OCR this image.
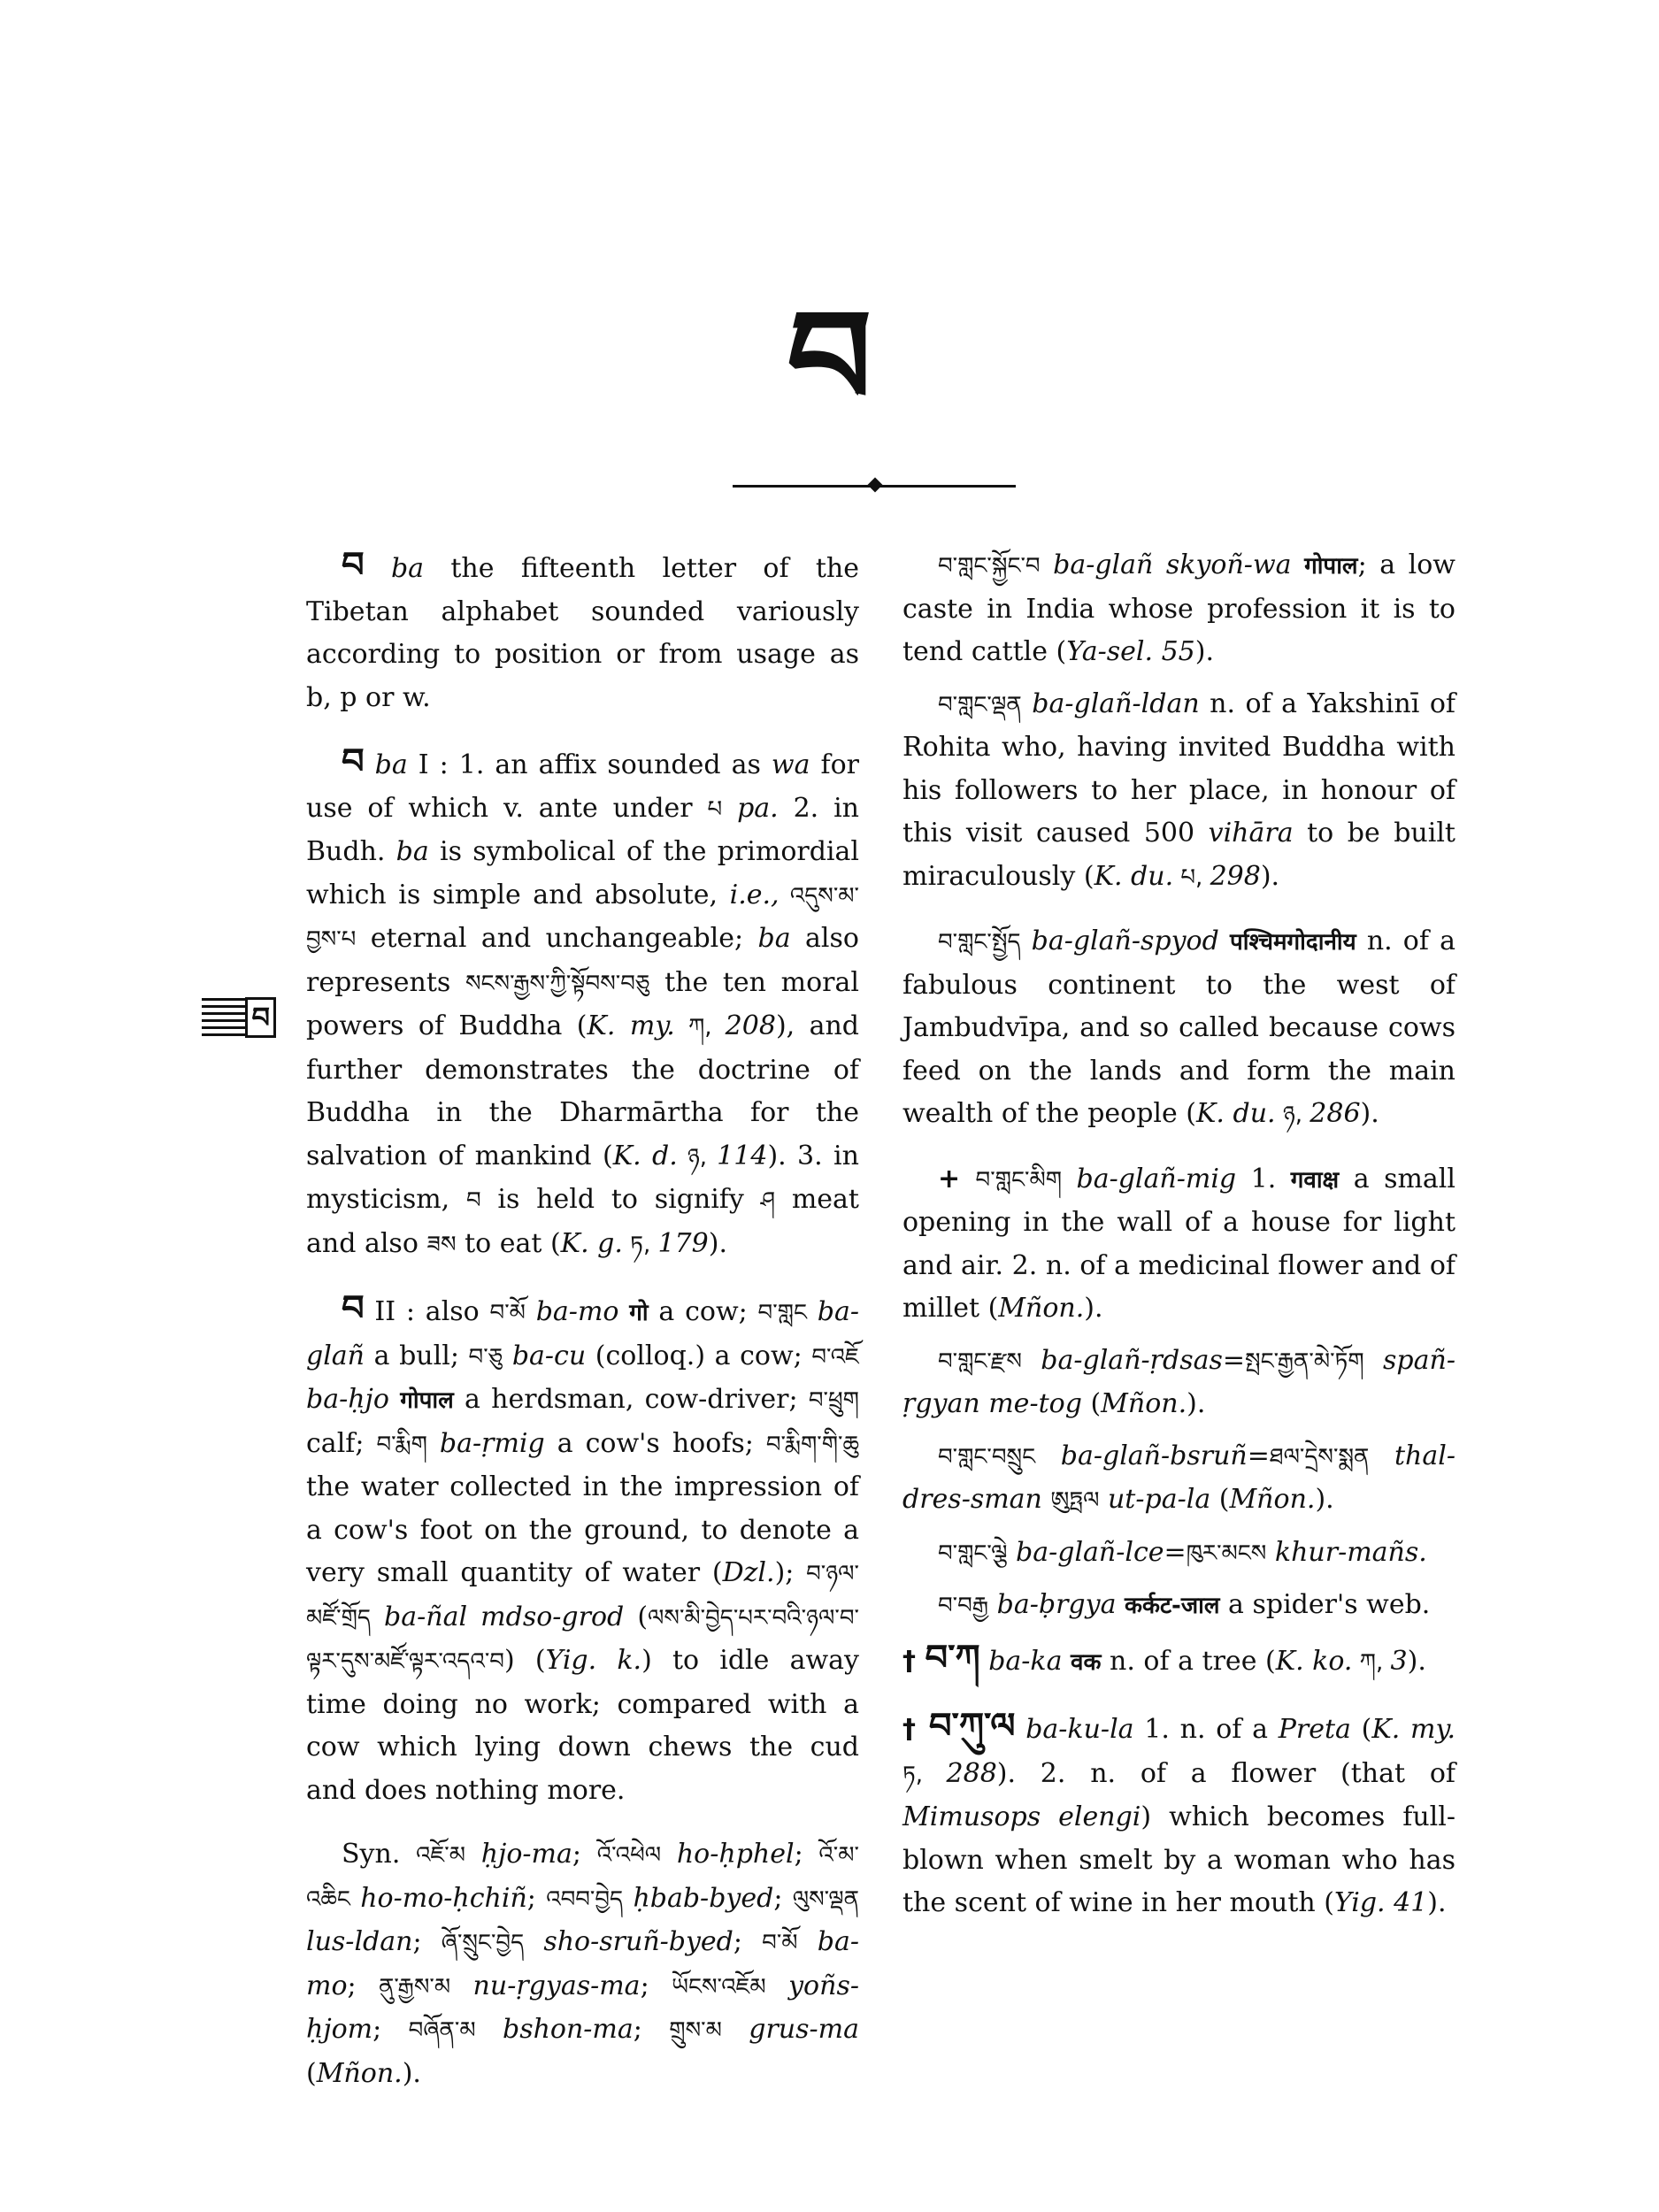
བ
བ

བ ba the fifteenth letter of the Tibetan alphabet sounded variously according to position or from usage as b, p or w.

བ ba I : 1. an affix sounded as wa for use of which v. ante under པ pa. 2. in Budh. ba is symbolical of the primordial which is simple and absolute, i.e., འདུས་མ་བྱས་པ eternal and unchangeable; ba also represents སངས་རྒྱས་ཀྱི་སྟོབས་བཅུ the ten moral powers of Buddha (K. my. ཀ, 208), and further demonstrates the doctrine of Buddha in the Dharmārtha for the salvation of mankind (K. d. ཉ, 114). 3. in mysticism, བ is held to signify ཤ meat and also ཟས to eat (K. g. ཏ, 179).

བ II : also བ་མོ ba-mo गो a cow; བ་གླང ba-glañ a bull; བ་ཅུ ba-cu (colloq.) a cow; བ་འཇོ ba-ḥjo गोपाल a herdsman, cow-driver; བ་ཕྲུག calf; བ་རྨིག ba-ṛmig a cow's hoofs; བ་རྨིག་གི་ཆུ the water collected in the impression of a cow's foot on the ground, to denote a very small quantity of water (Dzl.); བ་ཉལ་མཛོ་གྲོད ba-ñal mdso-grod (ལས་མི་བྱེད་པར་བའི་ཉལ་བ་ལྟར་དུས་མཛོ་ལྟར་འདའ་བ) (Yig. k.) to idle away time doing no work; compared with a cow which lying down chews the cud and does nothing more.

Syn. འཇོ་མ ḥjo-ma; འོ་འཕེལ ho-ḥphel; འོ་མ་འཆིང ho-mo-ḥchiñ; འབབ་བྱེད ḥbab-byed; ལུས་ལྡན lus-ldan; ཞོ་སྲུང་བྱེད sho-sruñ-byed; བ་མོ ba-mo; ནུ་རྒྱས་མ nu-ṛgyas-ma; ཡོངས་འཇོམ yoñs-ḥjom; བཞོན་མ bshon-ma; གྲུས་མ grus-ma (Mñon.).

བ་གླང་སྐྱོང་བ ba-glañ skyoñ-wa गोपाल; a low caste in India whose profession it is to tend cattle (Ya-sel. 55).

བ་གླང་ལྡན ba-glañ-ldan n. of a Yakshinī of Rohita who, having invited Buddha with his followers to her place, in honour of this visit caused 500 vihāra to be built miraculously (K. du. པ, 298).

བ་གླང་སྤྱོད ba-glañ-spyod पश्चिमगोदानीय n. of a fabulous continent to the west of Jambudvīpa, and so called because cows feed on the lands and form the main wealth of the people (K. du. ཉ, 286).

+ བ་གླང་མིག ba-glañ-mig 1. गवाक्ष a small opening in the wall of a house for light and air. 2. n. of a medicinal flower and of millet (Mñon.).

བ་གླང་རྫས ba-glañ-ṛdsas=སྤང་རྒྱན་མེ་ཏོག spañ-ṛgyan me-tog (Mñon.).

བ་གླང་བསྲུང ba-glañ-bsruñ=ཐལ་དྲེས་སྨན thal-dres-sman ཨུཏྤལ ut-pa-la (Mñon.).

བ་གླང་ལྕེ ba-glañ-lce=ཁུར་མངས khur-mañs.

བ་བརྒྱ ba-ḅrgya कर्कट-जाल a spider's web.

† བ་ཀ ba-ka वक n. of a tree (K. ko. ཀ, 3).

† བ་ཀུ་ལ ba-ku-la 1. n. of a Preta (K. my. ཏ, 288). 2. n. of a flower (that of Mimusops elengi) which becomes full-blown when smelt by a woman who has the scent of wine in her mouth (Yig. 41).
